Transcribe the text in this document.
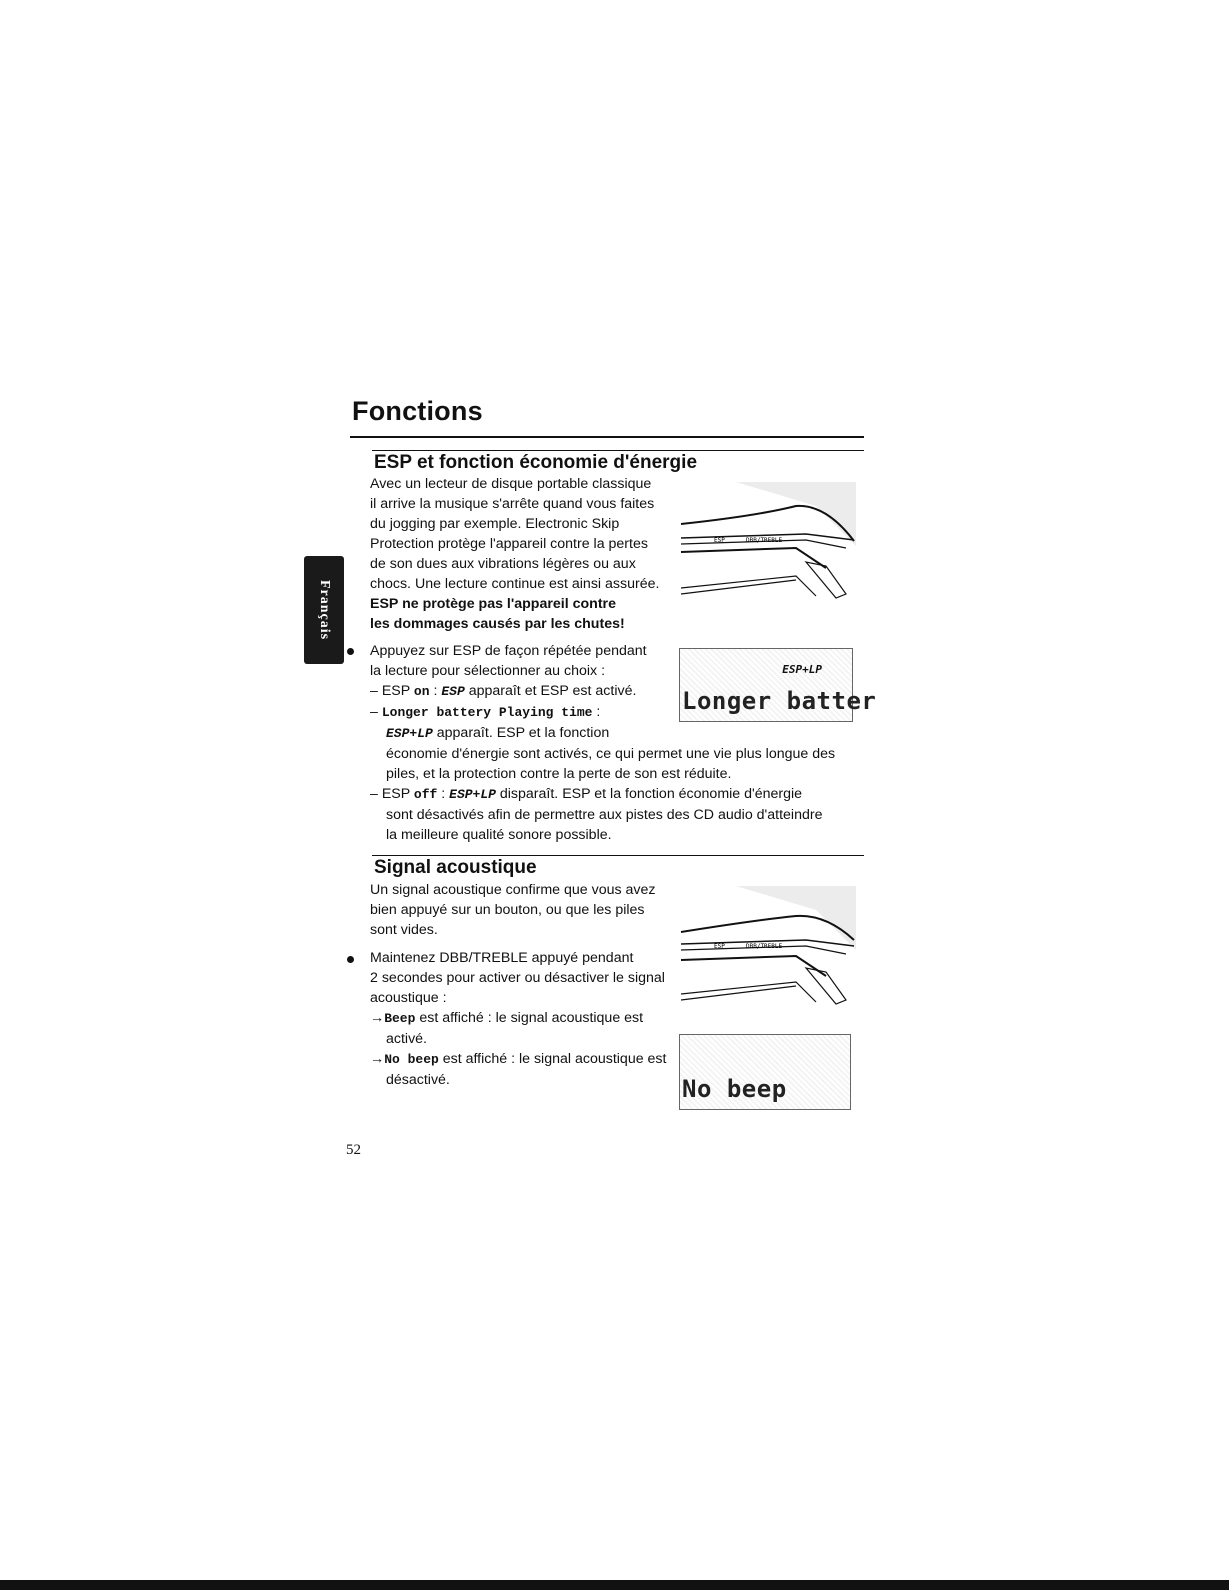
Fonctions
Français
ESP et fonction économie d'énergie

Avec un lecteur de disque portable classique

il arrive la musique s'arrête quand vous faites

du jogging par exemple. Electronic Skip

Protection protège l'appareil contre la pertes

de son dues aux vibrations légères ou aux

chocs. Une lecture continue est ainsi assurée.

ESP ne protège pas l'appareil contre

les dommages causés par les chutes!

ESP	DBB/TREBLE

Appuyez sur ESP de façon répétée pendant

la lecture pour sélectionner au choix :

– ESP on : ESP apparaît et ESP est activé.

– Longer battery Playing time :

ESP+LP apparaît. ESP et la fonction

économie d'énergie sont activés, ce qui permet une vie plus longue des

piles, et la protection contre la perte de son est réduite.

– ESP off : ESP+LP disparaît. ESP et la fonction économie d'énergie

sont désactivés afin de permettre aux pistes des CD audio d'atteindre

la meilleure qualité sonore possible.

ESP+LP
Longer batter
Signal acoustique

Un signal acoustique confirme que vous avez

bien appuyé sur un bouton, ou que les piles

sont vides.

Maintenez DBB/TREBLE appuyé pendant

2 secondes pour activer ou désactiver le signal

acoustique :

→Beep est affiché : le signal acoustique est

activé.

→No beep est affiché : le signal acoustique est

désactivé.

ESP	DBB/TREBLE
No beep
52
